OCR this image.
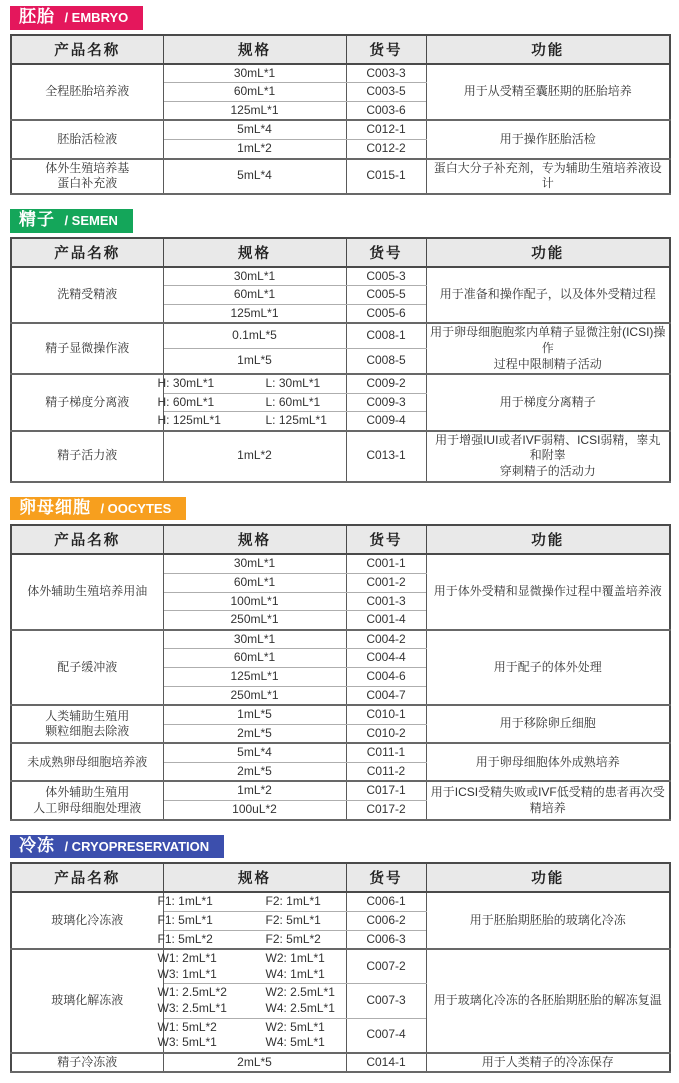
胚胎 / EMBRYO
产品名称	规格	货号	功能

全程胚胎培养液	30mL*1	C003-3	用于从受精至囊胚期的胚胎培养

	60mL*1	C003-5	

	125mL*1	C003-6	

胚胎活检液	5mL*4	C012-1	用于操作胚胎活检

	1mL*2	C012-2	

体外生殖培养基
蛋白补充液	5mL*4	C015-1	蛋白大分子补充剂，专为辅助生殖培养液设计
精子 / SEMEN
产品名称	规格	货号	功能

洗精受精液	30mL*1	C005-3	用于准备和操作配子，以及体外受精过程

	60mL*1	C005-5	

	125mL*1	C005-6	

精子显微操作液	0.1mL*5	C008-1	用于卵母细胞胞浆内单精子显微注射(ICSI)操作
过程中限制精子活动

	1mL*5	C008-5	

精子梯度分离液	H: 30mL*1 L: 30mL*1	C009-2	用于梯度分离精子

	H: 60mL*1 L: 60mL*1	C009-3	

	H: 125mL*1 L: 125mL*1	C009-4	

精子活力液	1mL*2	C013-1	用于增强IUI或者IVF弱精、ICSI弱精，睾丸和附睾
穿刺精子的活动力
卵母细胞 / OOCYTES
产品名称	规格	货号	功能

体外辅助生殖培养用油	30mL*1	C001-1	用于体外受精和显微操作过程中覆盖培养液

	60mL*1	C001-2	

	100mL*1	C001-3	

	250mL*1	C001-4	

配子缓冲液	30mL*1	C004-2	用于配子的体外处理

	60mL*1	C004-4	

	125mL*1	C004-6	

	250mL*1	C004-7	

人类辅助生殖用
颗粒细胞去除液	1mL*5	C010-1	用于移除卵丘细胞

	2mL*5	C010-2	

未成熟卵母细胞培养液	5mL*4	C011-1	用于卵母细胞体外成熟培养

	2mL*5	C011-2	

体外辅助生殖用
人工卵母细胞处理液	1mL*2	C017-1	用于ICSI受精失败或IVF低受精的患者再次受精培养

	100uL*2	C017-2	
冷冻 / CRYOPRESERVATION
产品名称	规格	货号	功能

玻璃化冷冻液	F1: 1mL*1 F2: 1mL*1	C006-1	用于胚胎期胚胎的玻璃化冷冻

	F1: 5mL*1 F2: 5mL*1	C006-2	

	F1: 5mL*2 F2: 5mL*2	C006-3	

玻璃化解冻液	W1: 2mL*1 W2: 1mL*1
W3: 1mL*1 W4: 1mL*1	C007-2	用于玻璃化冷冻的各胚胎期胚胎的解冻复温

	W1: 2.5mL*2 W2: 2.5mL*1
W3: 2.5mL*1 W4: 2.5mL*1	C007-3	

	W1: 5mL*2 W2: 5mL*1
W3: 5mL*1 W4: 5mL*1	C007-4	

精子冷冻液	2mL*5	C014-1	用于人类精子的冷冻保存
